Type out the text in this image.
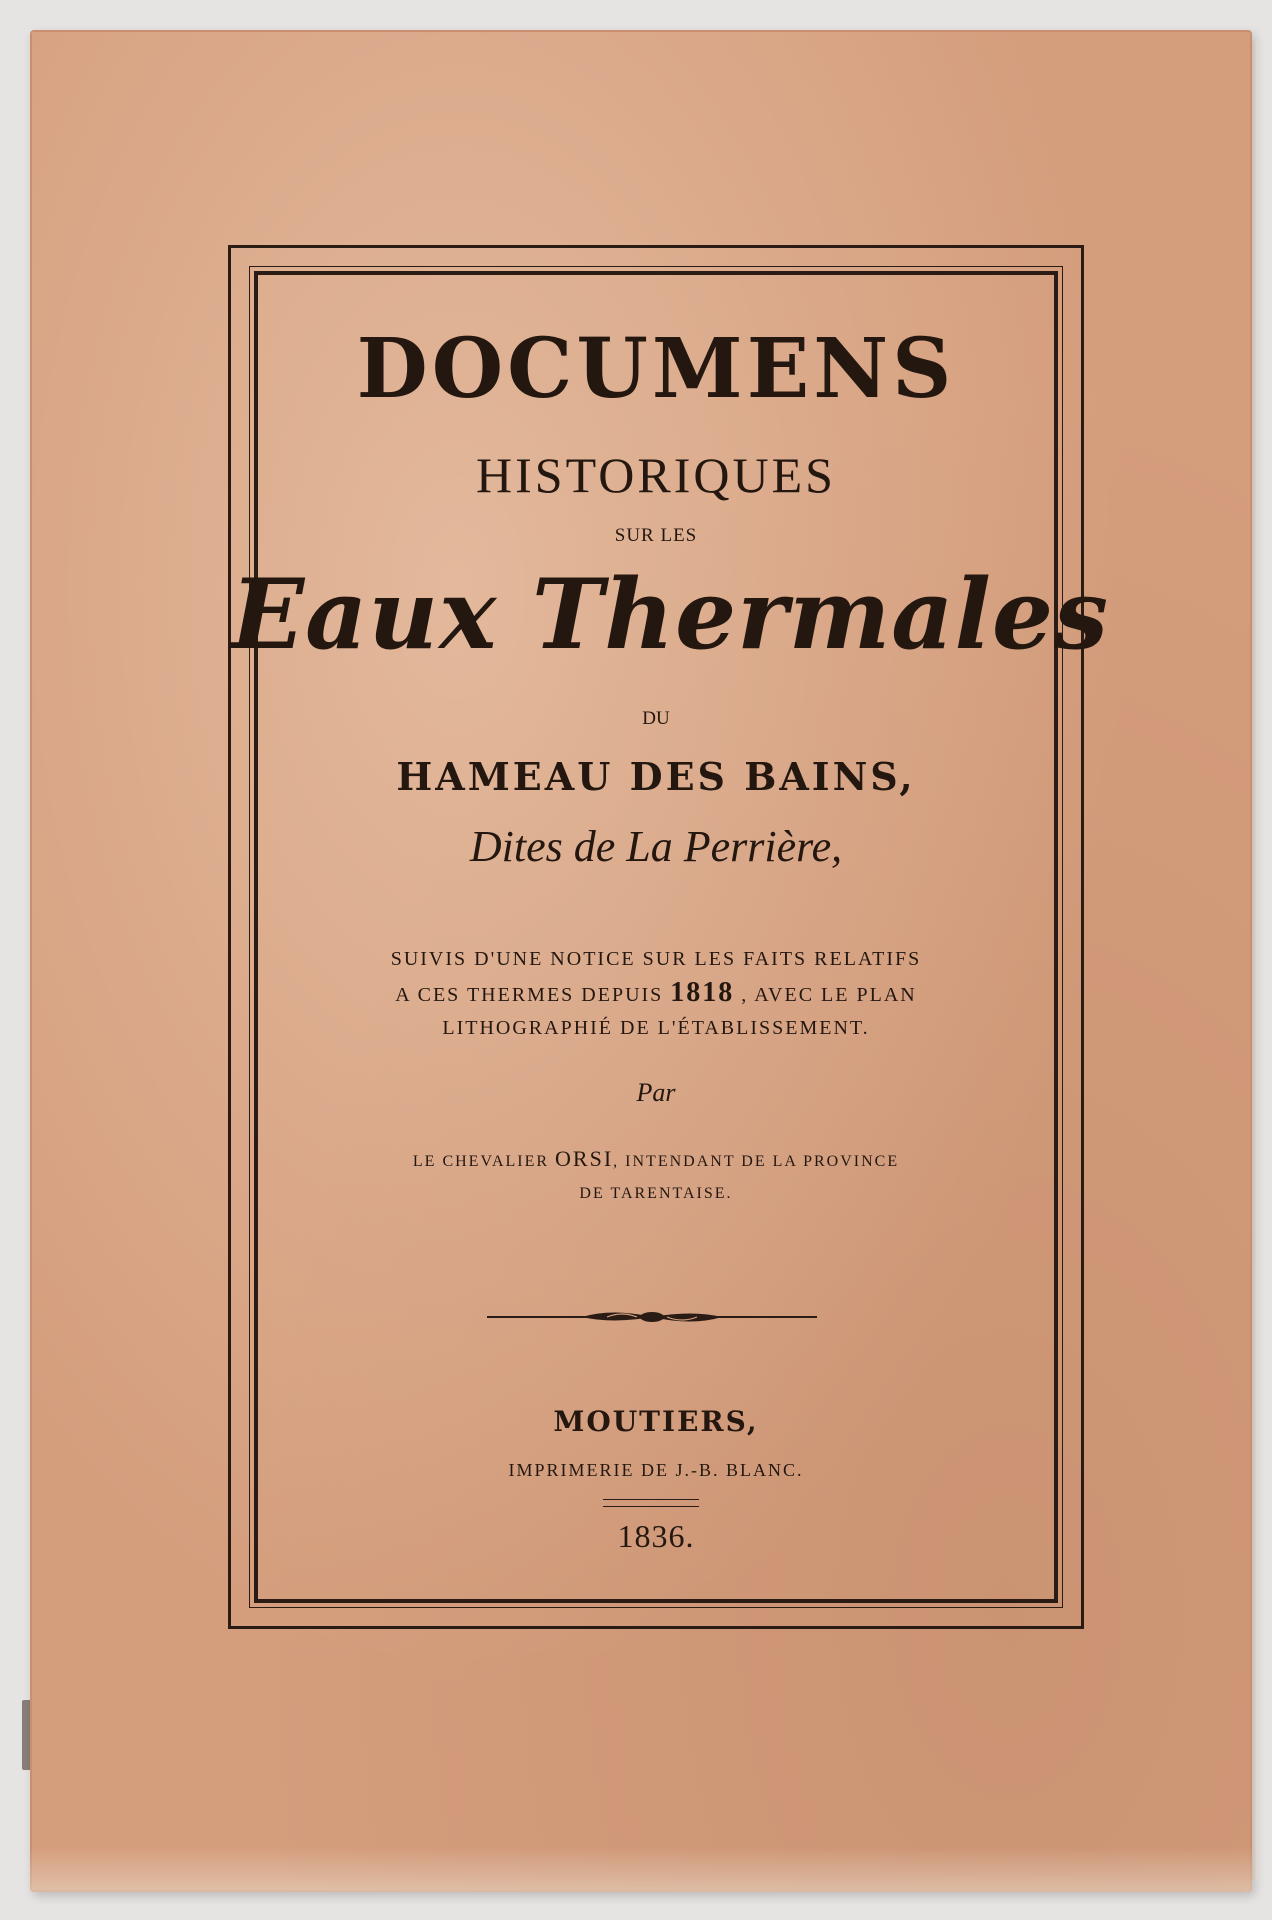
DOCUMENS
HISTORIQUES
SUR LES
Eaux Thermales
DU
HAMEAU DES BAINS,
Dites de La Perrière,
SUIVIS D'UNE NOTICE SUR LES FAITS RELATIFS
A CES THERMES DEPUIS 1818 , AVEC LE PLAN
LITHOGRAPHIÉ DE L'ÉTABLISSEMENT.
Par
LE CHEVALIER ORSI, INTENDANT DE LA PROVINCE
DE TARENTAISE.
MOUTIERS,
IMPRIMERIE DE J.-B. BLANC.
1836.
